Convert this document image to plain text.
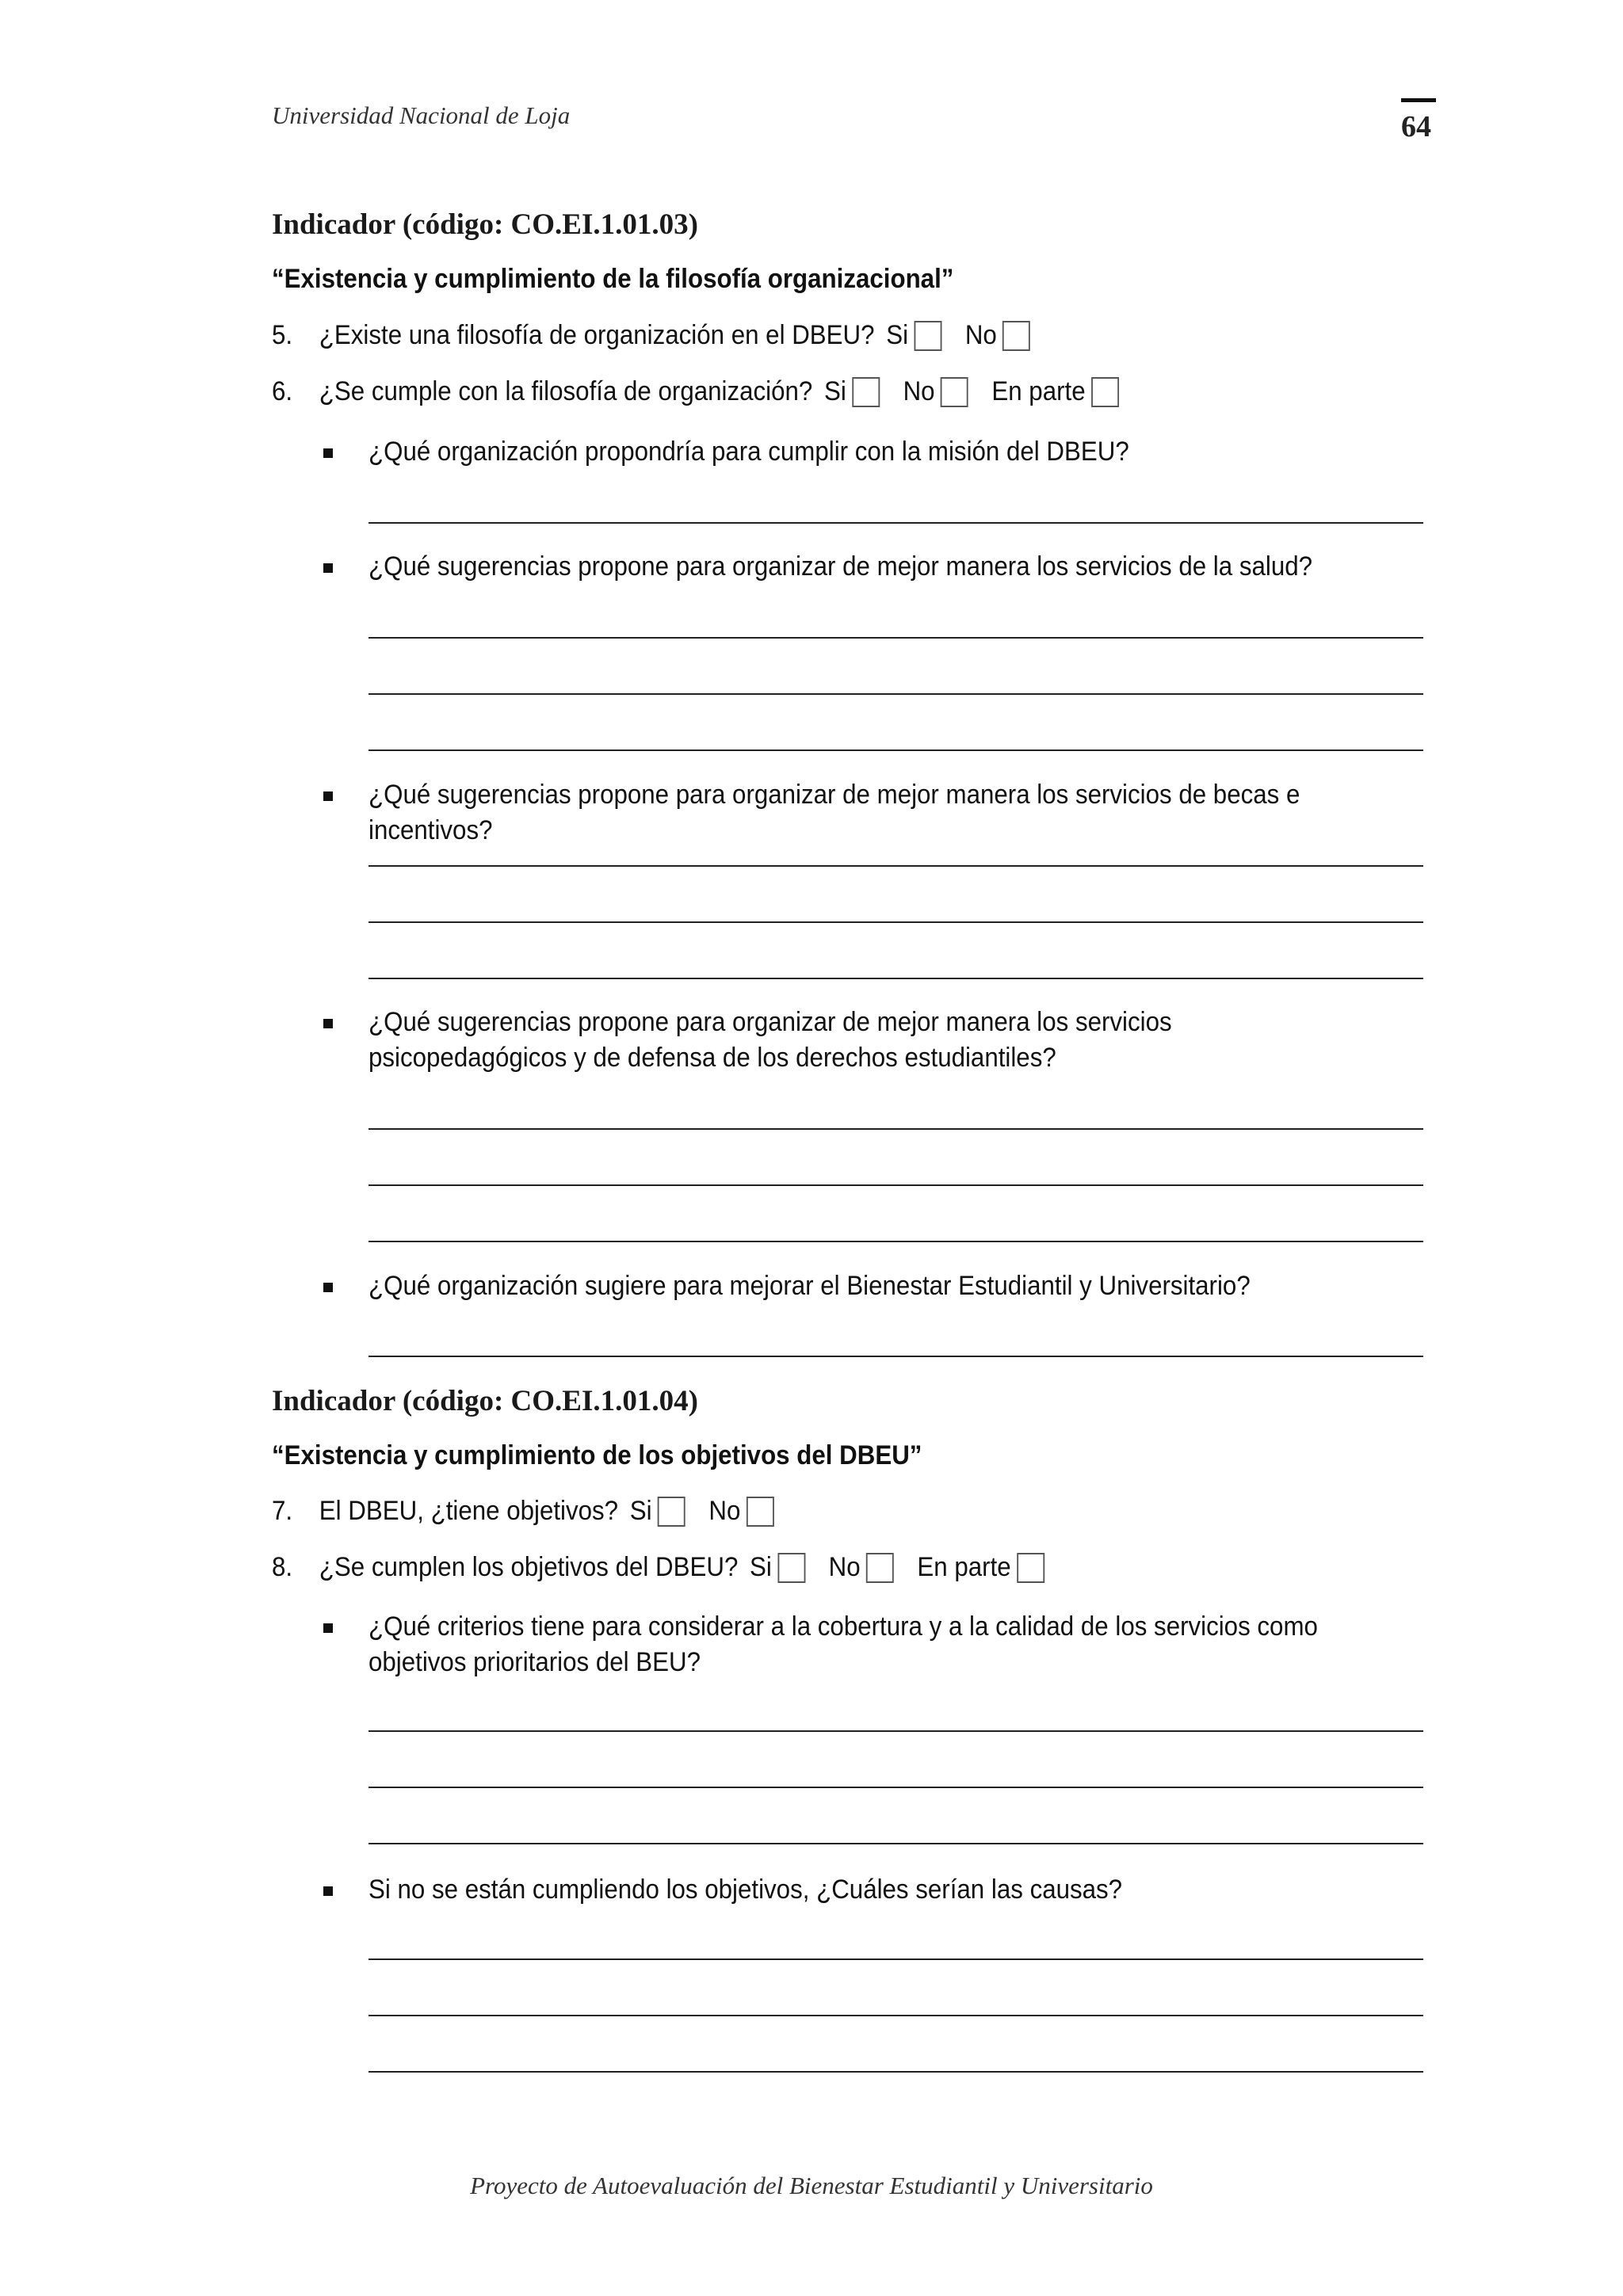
Universidad Nacional de Loja	64
Indicador (código: CO.EI.1.01.03)
“Existencia y cumplimiento de la filosofía organizacional”
5. ¿Existe una filosofía de organización en el DBEU? Si No
6. ¿Se cumple con la filosofía de organización? Si No En parte
¿Qué organización propondría para cumplir con la misión del DBEU?
¿Qué sugerencias propone para organizar de mejor manera los servicios de la salud?
¿Qué sugerencias propone para organizar de mejor manera los servicios de becas e incentivos?
¿Qué sugerencias propone para organizar de mejor manera los servicios psicopedagógicos y de defensa de los derechos estudiantiles?
¿Qué organización sugiere para mejorar el Bienestar Estudiantil y Universitario?
Indicador (código: CO.EI.1.01.04)
“Existencia y cumplimiento de los objetivos del DBEU”
7. El DBEU, ¿tiene objetivos? Si No
8. ¿Se cumplen los objetivos del DBEU? Si No En parte
¿Qué criterios tiene para considerar a la cobertura y a la calidad de los servicios como objetivos prioritarios del BEU?
Si no se están cumpliendo los objetivos, ¿Cuáles serían las causas?
Proyecto de Autoevaluación del Bienestar Estudiantil y Universitario
